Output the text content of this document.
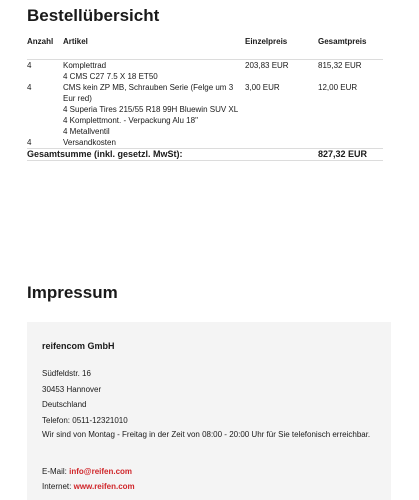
Bestellübersicht
Anzahl	Artikel	Einzelpreis	Gesamtpreis
4	Komplettrad	203,83 EUR	815,32 EUR
	4 CMS C27 7.5 X 18 ET50		
4	CMS kein ZP MB, Schrauben Serie (Felge um 3 Eur red)	3,00 EUR	12,00 EUR
	4 Superia Tires 215/55 R18 99H Bluewin SUV XL		
	4 Komplettmont. - Verpackung Alu 18"		
	4 Metallventil		
4	Versandkosten		
Gesamtsumme (inkl. gesetzl. MwSt):			827,32 EUR
Impressum
reifencom GmbH
Südfeldstr. 16
30453 Hannover
Deutschland
Telefon: 0511-12321010
Wir sind von Montag - Freitag in der Zeit von 08:00 - 20:00 Uhr für Sie telefonisch erreichbar.
E-Mail: info@reifen.com
Internet: www.reifen.com
